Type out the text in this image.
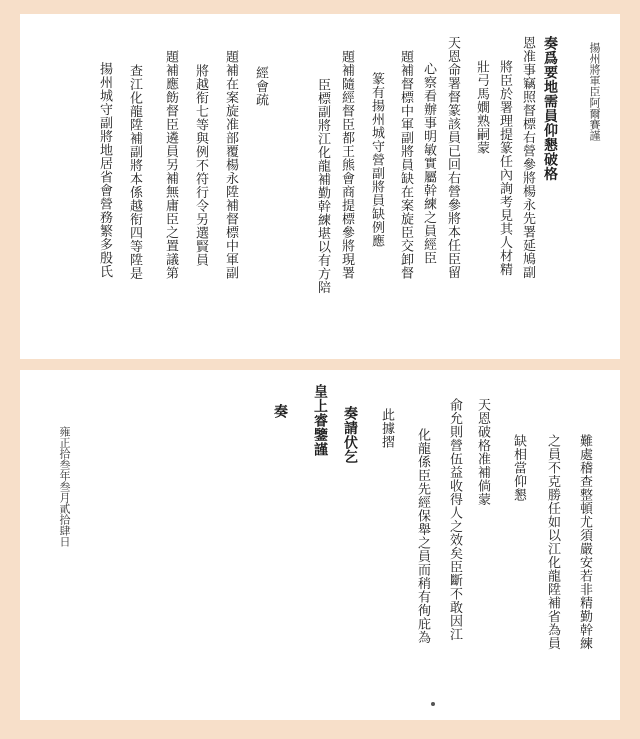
揚州將軍臣阿爾賽謹
奏爲要地需員仰懇破格
恩准事竊照督標右營參將楊永先署延鳩副
將臣於署理提篆任內詢考見其人材精
壯弓馬嫺熟嗣蒙
天恩命署督篆該員已回右營參將本任臣留
心察看辦事明敏實屬幹練之員經臣
題補督標中軍副將員缺在案旋臣交卸督
篆有揚州城守營副將員缺例應
題補隨經督臣都王熊會商提標參將現署
臣標副將江化龍補勤幹練堪以有方陪
經會疏
題補在案旋准部覆楊永陞補督標中軍副
將越衔七等與例不符行令另選賢員
題補應飭督臣遴員另補無庸臣之置議第
查江化龍陞補副將本係越衔四等陞是
揚州城守副將地居省會營務繁多殷氏
難處稽查整頓尤須嚴安若非精勤幹練
之員不克勝任如以江化龍陞補省為員
缺相當仰懇
天恩破格准補倘蒙
俞允則營伍益收得人之效矣臣斷不敢因江
化龍係臣先經保舉之員而稍有徇庇為
此據摺
奏請伏乞
皇上睿鑒謹
奏
雍正拾叁年叁月貳拾肆日
